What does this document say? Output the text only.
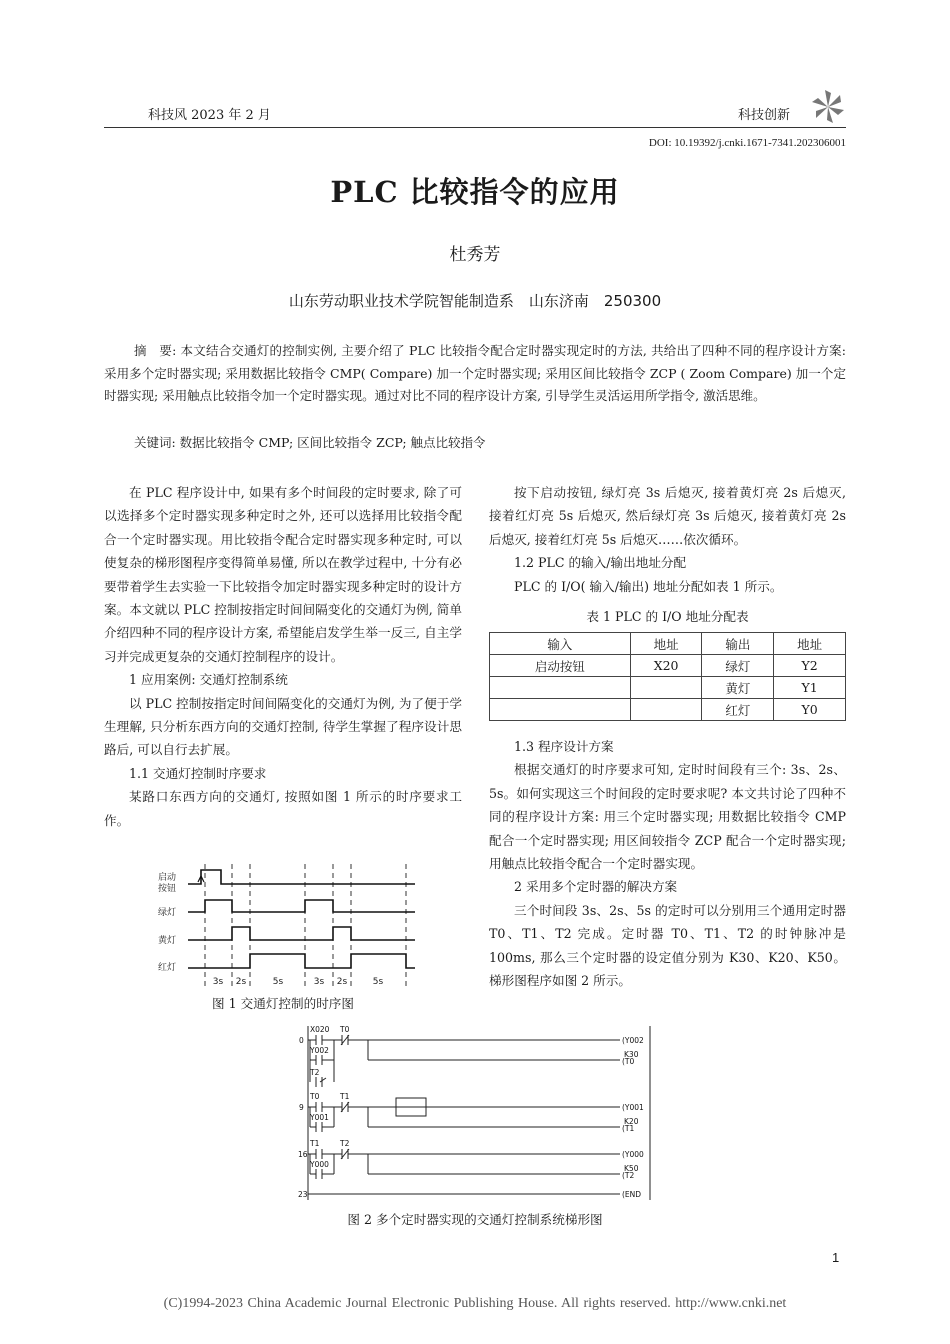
科技风 2023 年 2 月	科技创新
DOI: 10.19392/j.cnki.1671-7341.202306001
PLC 比较指令的应用
杜秀芳
山东劳动职业技术学院智能制造系　山东济南　250300
摘　要: 本文结合交通灯的控制实例, 主要介绍了 PLC 比较指令配合定时器实现定时的方法, 共给出了四种不同的程序设计方案: 采用多个定时器实现; 采用数据比较指令 CMP( Compare) 加一个定时器实现; 采用区间比较指令 ZCP ( Zoom Compare) 加一个定时器实现; 采用触点比较指令加一个定时器实现。通过对比不同的程序设计方案, 引导学生灵活运用所学指令, 激活思维。
关键词: 数据比较指令 CMP; 区间比较指令 ZCP; 触点比较指令

在 PLC 程序设计中, 如果有多个时间段的定时要求, 除了可以选择多个定时器实现多种定时之外, 还可以选择用比较指令配合一个定时器实现。用比较指令配合定时器实现多种定时, 可以使复杂的梯形图程序变得简单易懂, 所以在教学过程中, 十分有必要带着学生去实验一下比较指令加定时器实现多种定时的设计方案。本文就以 PLC 控制按指定时间间隔变化的交通灯为例, 简单介绍四种不同的程序设计方案, 希望能启发学生举一反三, 自主学习并完成更复杂的交通灯控制程序的设计。

1 应用案例: 交通灯控制系统

以 PLC 控制按指定时间间隔变化的交通灯为例, 为了便于学生理解, 只分析东西方向的交通灯控制, 待学生掌握了程序设计思路后, 可以自行去扩展。

1.1 交通灯控制时序要求

某路口东西方向的交通灯, 按照如图 1 所示的时序要求工作。

启动
按钮
绿灯
黄灯
红灯
3s 2s	5s	3s 2s	5s
图 1 交通灯控制的时序图

按下启动按钮, 绿灯亮 3s 后熄灭, 接着黄灯亮 2s 后熄灭, 接着红灯亮 5s 后熄灭, 然后绿灯亮 3s 后熄灭, 接着黄灯亮 2s 后熄灭, 接着红灯亮 5s 后熄灭……依次循环。

1.2 PLC 的输入/输出地址分配

PLC 的 I/O( 输入/输出) 地址分配如表 1 所示。

表 1 PLC 的 I/O 地址分配表
输入	地址	输出	地址
启动按钮	X20	绿灯	Y2
		黄灯	Y1
		红灯	Y0

1.3 程序设计方案

根据交通灯的时序要求可知, 定时时间段有三个: 3s、2s、5s。如何实现这三个时间段的定时要求呢? 本文共讨论了四种不同的程序设计方案: 用三个定时器实现; 用数据比较指令 CMP 配合一个定时器实现; 用区间较指令 ZCP 配合一个定时器实现; 用触点比较指令配合一个定时器实现。

2 采用多个定时器的解决方案

三个时间段 3s、2s、5s 的定时可以分别用三个通用定时器 T0、T1、T2 完成。定时器 T0、T1、T2 的时钟脉冲是 100ms, 那么三个定时器的设定值分别为 K30、K20、K50。梯形图程序如图 2 所示。

0
9
16
23
X020 T0
Y002
T2
T0	T1
Y001
T1	T2
Y000
(Y002
K30
(T0
(Y001
K20
(T1
(Y000
K50
(T2
(END
图 2 多个定时器实现的交通灯控制系统梯形图
1
(C)1994-2023 China Academic Journal Electronic Publishing House. All rights reserved. http://www.cnki.net
